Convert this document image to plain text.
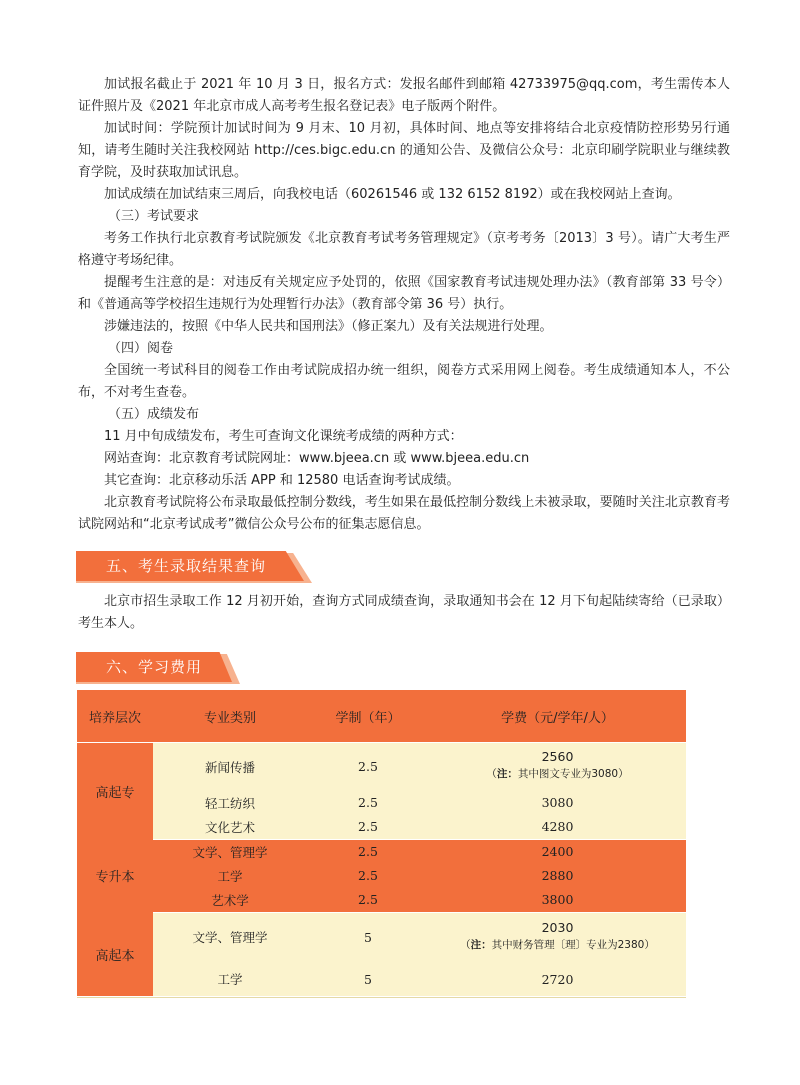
加试报名截止于 2021 年 10 月 3 日，报名方式：发报名邮件到邮箱 42733975@qq.com，考生需传本人证件照片及《2021 年北京市成人高考考生报名登记表》电子版两个附件。

加试时间：学院预计加试时间为 9 月末、10 月初，具体时间、地点等安排将结合北京疫情防控形势另行通知，请考生随时关注我校网站 http://ces.bigc.edu.cn 的通知公告、及微信公众号：北京印刷学院职业与继续教育学院，及时获取加试讯息。

加试成绩在加试结束三周后，向我校电话（60261546 或 132 6152 8192）或在我校网站上查询。

（三）考试要求

考务工作执行北京教育考试院颁发《北京教育考试考务管理规定》（京考考务〔2013〕3 号）。请广大考生严格遵守考场纪律。

提醒考生注意的是：对违反有关规定应予处罚的，依照《国家教育考试违规处理办法》（教育部第 33 号令）和《普通高等学校招生违规行为处理暂行办法》（教育部令第 36 号）执行。

涉嫌违法的，按照《中华人民共和国刑法》（修正案九）及有关法规进行处理。

（四）阅卷

全国统一考试科目的阅卷工作由考试院成招办统一组织，阅卷方式采用网上阅卷。考生成绩通知本人，不公布，不对考生查卷。

（五）成绩发布

11 月中旬成绩发布，考生可查询文化课统考成绩的两种方式：

网站查询：北京教育考试院网址：www.bjeea.cn 或 www.bjeea.edu.cn

其它查询：北京移动乐活 APP 和 12580 电话查询考试成绩。

北京教育考试院将公布录取最低控制分数线，考生如果在最低控制分数线上未被录取，要随时关注北京教育考试院网站和“北京考试成考”微信公众号公布的征集志愿信息。

五、考生录取结果查询

北京市招生录取工作 12 月初开始，查询方式同成绩查询，录取通知书会在 12 月下旬起陆续寄给（已录取）考生本人。

六、学习费用
培养层次	专业类别	学制（年）	学费（元/学年/人）
高起专	新闻传播	2.5	2560
（注：其中图文专业为3080）

	轻工纺织	2.5	3080
	文化艺术	2.5	4280
专升本	文学、管理学	2.5	2400
	工学	2.5	2880
	艺术学	2.5	3800
高起本	文学、管理学	5	2030
（注：其中财务管理〔理〕专业为2380）

	工学	5	2720
